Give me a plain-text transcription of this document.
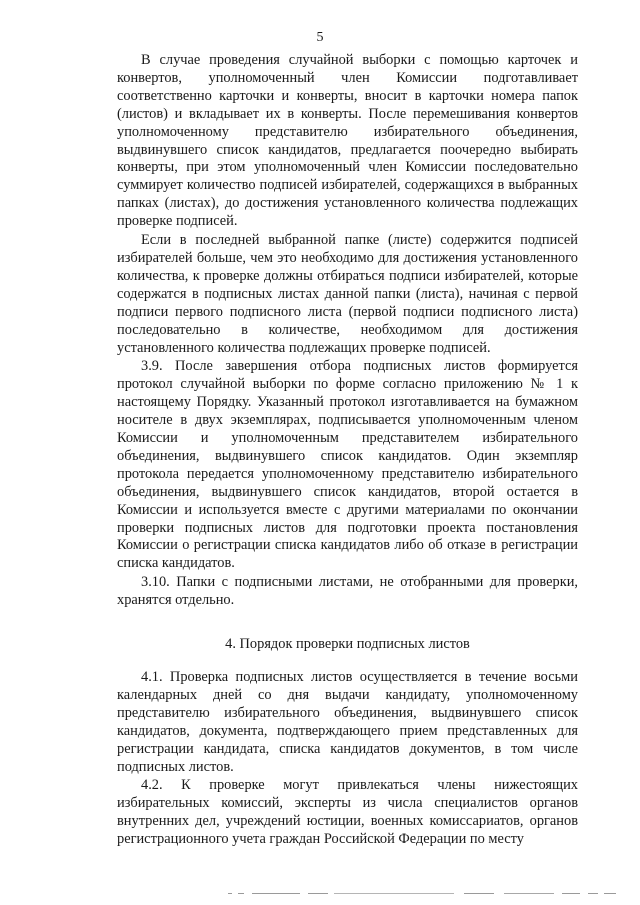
5

В случае проведения случайной выборки с помощью карточек и конвертов, уполномоченный член Комиссии подготавливает соответственно карточки и конверты, вносит в карточки номера папок (листов) и вкладывает их в конверты. После перемешивания конвертов уполномоченному представителю избирательного объединения, выдвинувшего список кандидатов, предлагается поочередно выбирать конверты, при этом уполномоченный член Комиссии последовательно суммирует количество подписей избирателей, содержащихся в выбранных папках (листах), до достижения установленного количества подлежащих проверке подписей.

Если в последней выбранной папке (листе) содержится подписей избирателей больше, чем это необходимо для достижения установленного количества, к проверке должны отбираться подписи избирателей, которые содержатся в подписных листах данной папки (листа), начиная с первой подписи первого подписного листа (первой подписи подписного листа) последовательно в количестве, необходимом для достижения установленного количества подлежащих проверке подписей.

3.9. После завершения отбора подписных листов формируется протокол случайной выборки по форме согласно приложению № 1 к настоящему Порядку. Указанный протокол изготавливается на бумажном носителе в двух экземплярах, подписывается уполномоченным членом Комиссии и уполномоченным представителем избирательного объединения, выдвинувшего список кандидатов. Один экземпляр протокола передается уполномоченному представителю избирательного объединения, выдвинувшего список кандидатов, второй остается в Комиссии и используется вместе с другими материалами по окончании проверки подписных листов для подготовки проекта постановления Комиссии о регистрации списка кандидатов либо об отказе в регистрации списка кандидатов.

3.10. Папки с подписными листами, не отобранными для проверки, хранятся отдельно.

4. Порядок проверки подписных листов

4.1. Проверка подписных листов осуществляется в течение восьми календарных дней со дня выдачи кандидату, уполномоченному представителю избирательного объединения, выдвинувшего список кандидатов, документа, подтверждающего прием представленных для регистрации кандидата, списка кандидатов документов, в том числе подписных листов.

4.2. К проверке могут привлекаться члены нижестоящих избирательных комиссий, эксперты из числа специалистов органов внутренних дел, учреждений юстиции, военных комиссариатов, органов регистрационного учета граждан Российской Федерации по месту
